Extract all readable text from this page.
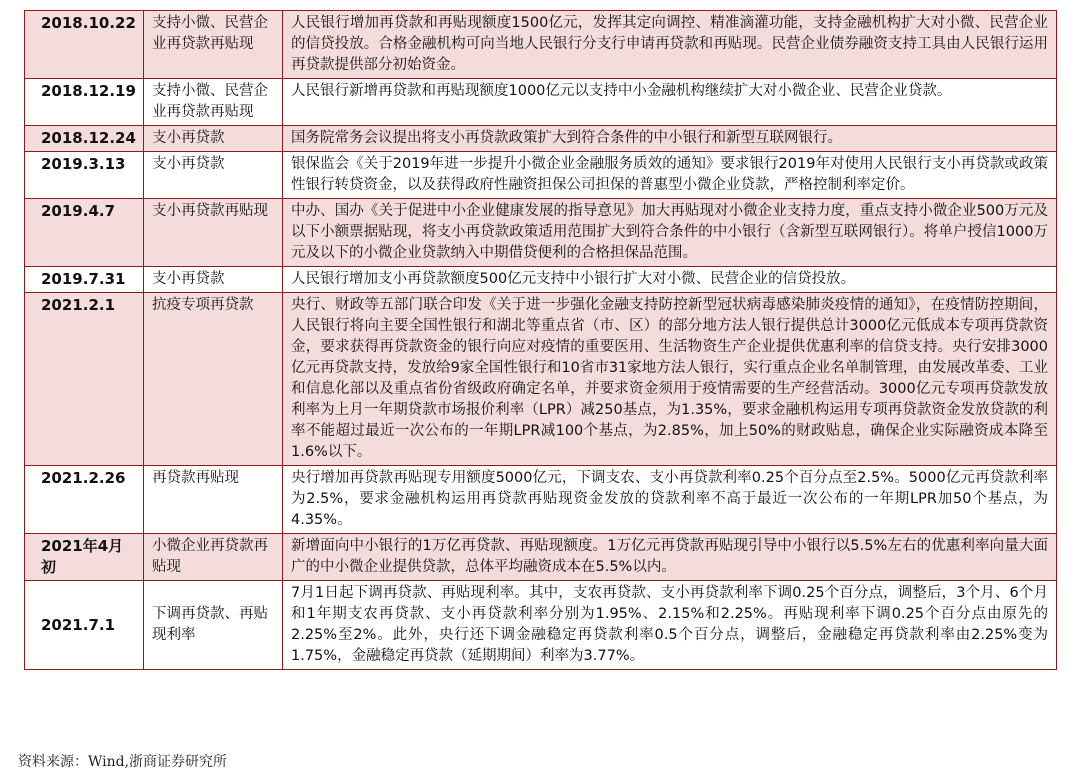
2018.10.22	支持小微、民营企业再贷款再贴现	人民银行增加再贷款和再贴现额度1500亿元，发挥其定向调控、精准滴灌功能，支持金融机构扩大对小微、民营企业的信贷投放。合格金融机构可向当地人民银行分支行申请再贷款和再贴现。民营企业债券融资支持工具由人民银行运用再贷款提供部分初始资金。
2018.12.19	支持小微、民营企业再贷款再贴现	人民银行新增再贷款和再贴现额度1000亿元以支持中小金融机构继续扩大对小微企业、民营企业贷款。
2018.12.24	支小再贷款	国务院常务会议提出将支小再贷款政策扩大到符合条件的中小银行和新型互联网银行。
2019.3.13	支小再贷款	银保监会《关于2019年进一步提升小微企业金融服务质效的通知》要求银行2019年对使用人民银行支小再贷款或政策性银行转贷资金，以及获得政府性融资担保公司担保的普惠型小微企业贷款，严格控制利率定价。
2019.4.7	支小再贷款再贴现	中办、国办《关于促进中小企业健康发展的指导意见》加大再贴现对小微企业支持力度，重点支持小微企业500万元及以下小额票据贴现，将支小再贷款政策适用范围扩大到符合条件的中小银行（含新型互联网银行）。将单户授信1000万元及以下的小微企业贷款纳入中期借贷便利的合格担保品范围。
2019.7.31	支小再贷款	人民银行增加支小再贷款额度500亿元支持中小银行扩大对小微、民营企业的信贷投放。
2021.2.1	抗疫专项再贷款	央行、财政等五部门联合印发《关于进一步强化金融支持防控新型冠状病毒感染肺炎疫情的通知》，在疫情防控期间，人民银行将向主要全国性银行和湖北等重点省（市、区）的部分地方法人银行提供总计3000亿元低成本专项再贷款资金，要求获得再贷款资金的银行向应对疫情的重要医用、生活物资生产企业提供优惠利率的信贷支持。央行安排3000亿元再贷款支持，发放给9家全国性银行和10省市31家地方法人银行，实行重点企业名单制管理，由发展改革委、工业和信息化部以及重点省份省级政府确定名单，并要求资金须用于疫情需要的生产经营活动。3000亿元专项再贷款发放利率为上月一年期贷款市场报价利率（LPR）减250基点，为1.35%，要求金融机构运用专项再贷款资金发放贷款的利率不能超过最近一次公布的一年期LPR减100个基点，为2.85%，加上50%的财政贴息，确保企业实际融资成本降至1.6%以下。
2021.2.26	再贷款再贴现	央行增加再贷款再贴现专用额度5000亿元，下调支农、支小再贷款利率0.25个百分点至2.5%。5000亿元再贷款利率为2.5%，要求金融机构运用再贷款再贴现资金发放的贷款利率不高于最近一次公布的一年期LPR加50个基点，为4.35%。
2021年4月初	小微企业再贷款再贴现	新增面向中小银行的1万亿再贷款、再贴现额度。1万亿元再贷款再贴现引导中小银行以5.5%左右的优惠利率向量大面广的中小微企业提供贷款，总体平均融资成本在5.5%以内。
2021.7.1	下调再贷款、再贴现利率	7月1日起下调再贷款、再贴现利率。其中，支农再贷款、支小再贷款利率下调0.25个百分点，调整后，3个月、6个月和1年期支农再贷款、支小再贷款利率分别为1.95%、2.15%和2.25%。再贴现利率下调0.25个百分点由原先的2.25%至2%。此外，央行还下调金融稳定再贷款利率0.5个百分点，调整后，金融稳定再贷款利率由2.25%变为1.75%，金融稳定再贷款（延期期间）利率为3.77%。
资料来源：Wind,浙商证券研究所
